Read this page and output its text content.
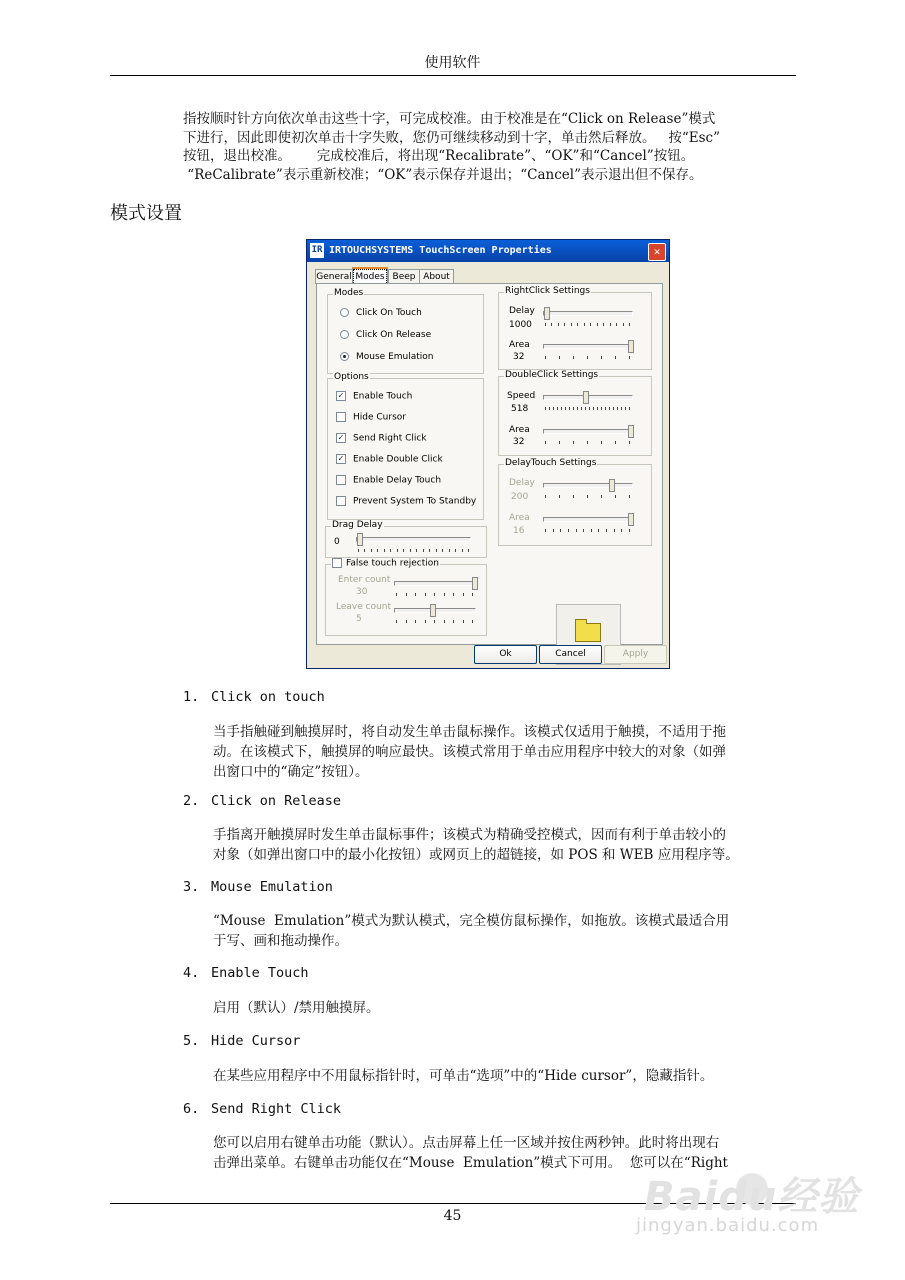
使用软件
指按顺时针方向依次单击这些十字，可完成校准。由于校准是在“Click on Release”模式
下进行，因此即使初次单击十字失败，您仍可继续移动到十字，单击然后释放。   按“Esc”
按钮，退出校准。      完成校准后，将出现“Recalibrate”、“OK”和“Cancel”按钮。
“ReCalibrate”表示重新校准；“OK”表示保存并退出；“Cancel”表示退出但不保存。
模式设置
IR IRTOUCHSYSTEMS TouchScreen Properties	✕
General Modes Beep About
Modes
Click On Touch
Click On Release
Mouse Emulation
Options
✓ Enable Touch
Hide Cursor
✓ Send Right Click
✓ Enable Double Click
Enable Delay Touch
Prevent System To Standby
Drag Delay
0
False touch rejection
Enter count
30
Leave count
5
RightClick Settings
Delay
1000
Area
32
DoubleClick Settings
Speed
518
Area
32
DelayTouch Settings
Delay
200
Area
16
Ok	Cancel	Apply
1. Click on touch
当手指触碰到触摸屏时，将自动发生单击鼠标操作。该模式仅适用于触摸，不适用于拖
动。在该模式下，触摸屏的响应最快。该模式常用于单击应用程序中较大的对象（如弹
出窗口中的“确定”按钮）。
2. Click on Release
手指离开触摸屏时发生单击鼠标事件；该模式为精确受控模式，因而有利于单击较小的
对象（如弹出窗口中的最小化按钮）或网页上的超链接，如 POS 和 WEB 应用程序等。
3. Mouse Emulation
“Mouse  Emulation”模式为默认模式，完全模仿鼠标操作，如拖放。该模式最适合用
于写、画和拖动操作。
4. Enable Touch
启用（默认）/禁用触摸屏。
5. Hide Cursor
在某些应用程序中不用鼠标指针时，可单击“选项”中的“Hide cursor”，隐藏指针。
6. Send Right Click
您可以启用右键单击功能（默认）。点击屏幕上任一区域并按住两秒钟。此时将出现右
击弹出菜单。右键单击功能仅在“Mouse  Emulation”模式下可用。  您可以在“Right
45	Baidu经验
jingyan.baidu.com
